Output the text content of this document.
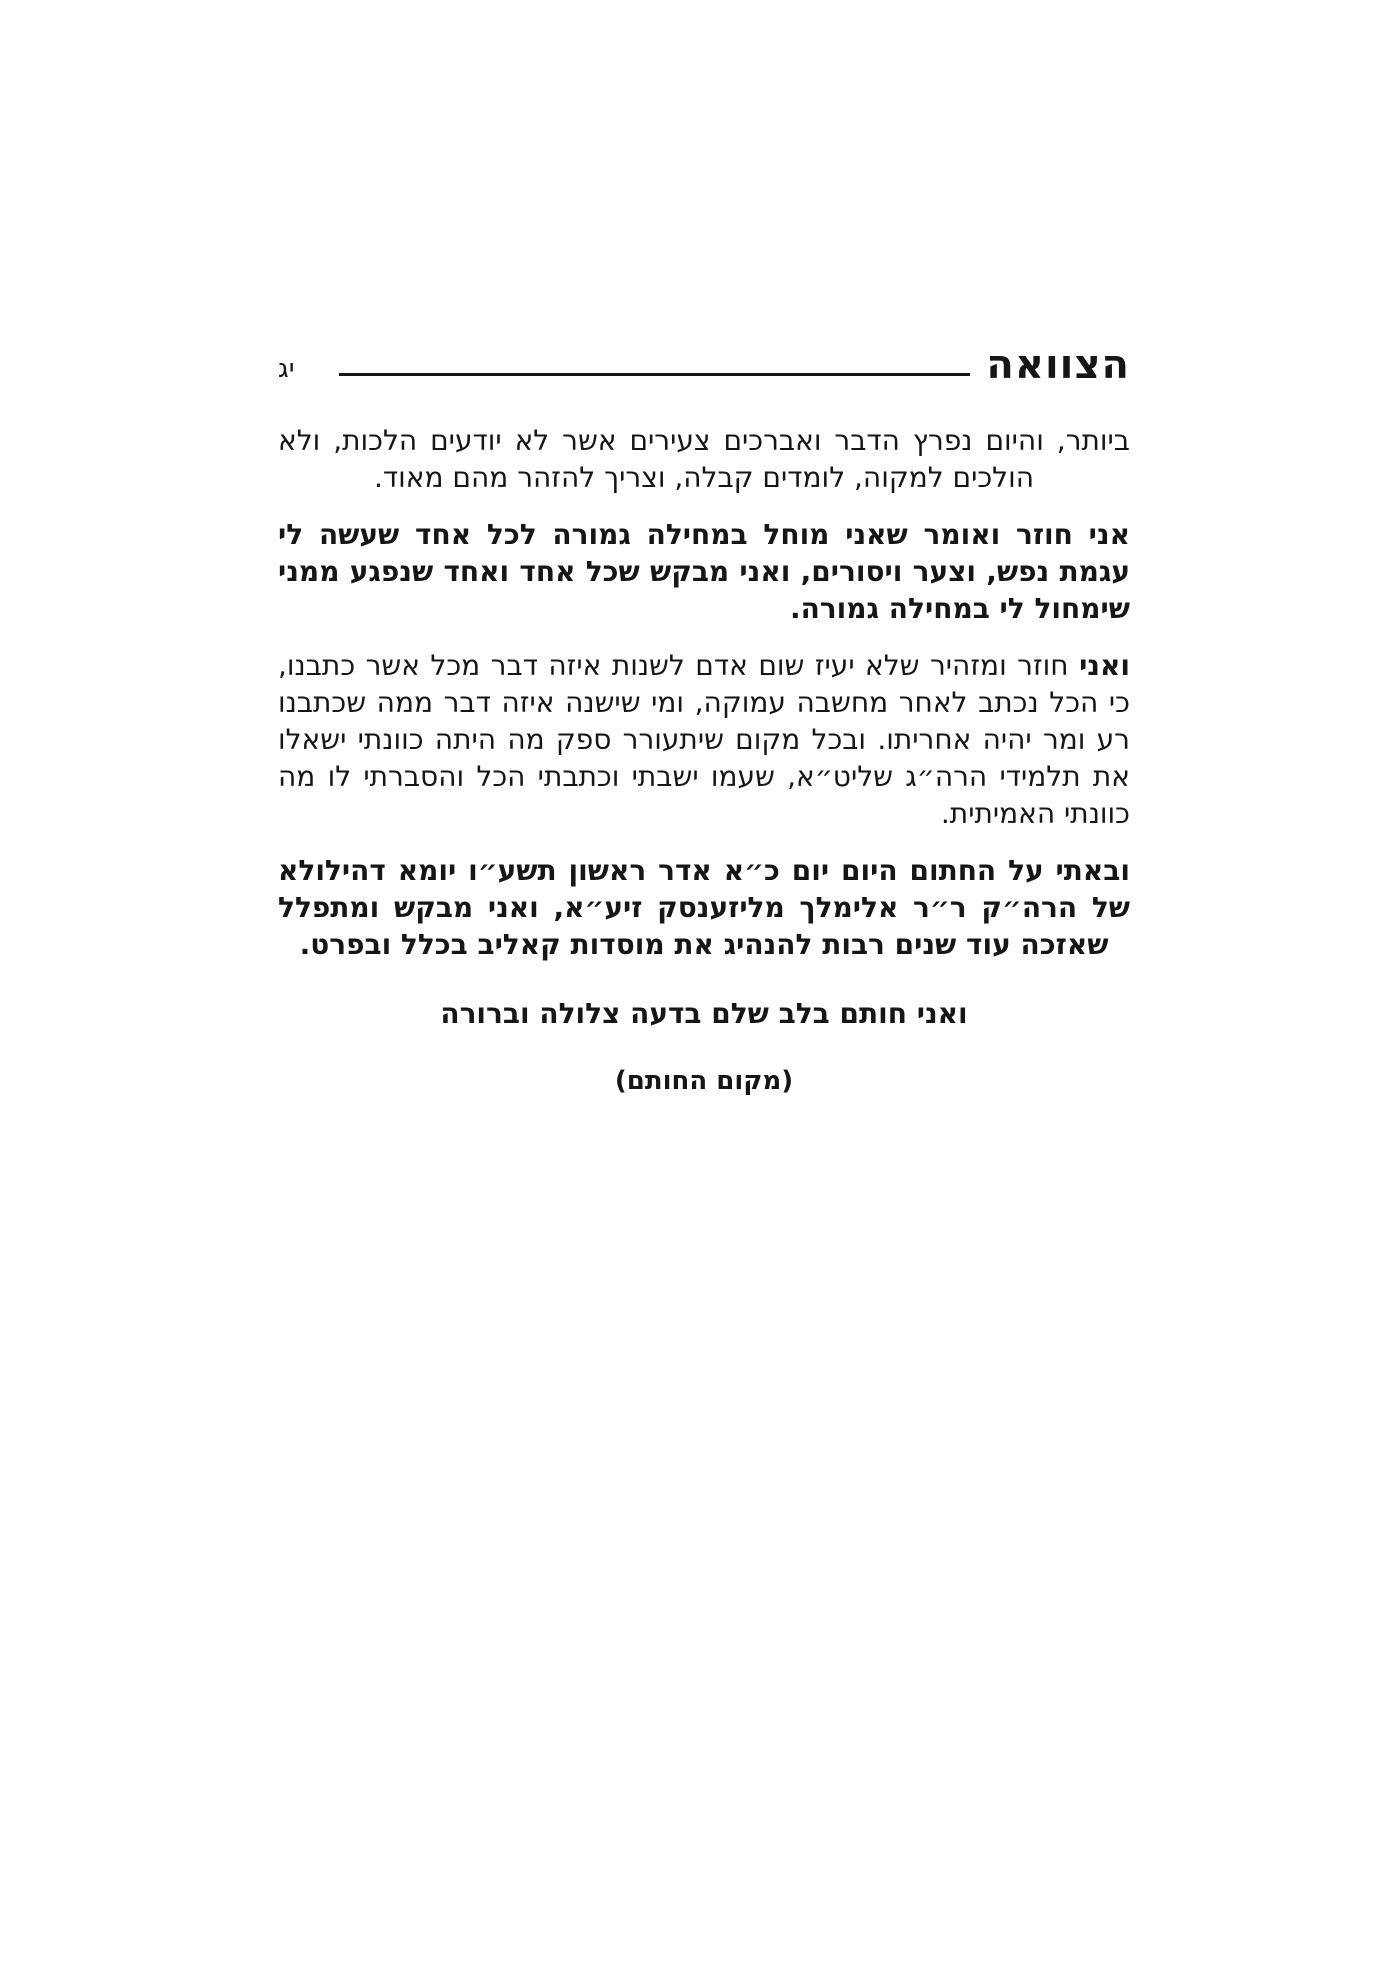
הצוואה
יג

ביותר, והיום נפרץ הדבר ואברכים צעירים אשר לא יודעים הלכות, ולא הולכים למקוה, לומדים קבלה, וצריך להזהר מהם מאוד.

אני חוזר ואומר שאני מוחל במחילה גמורה לכל אחד שעשה לי עגמת נפש, וצער ויסורים, ואני מבקש שכל אחד ואחד שנפגע ממני שימחול לי במחילה גמורה.

ואני חוזר ומזהיר שלא יעיז שום אדם לשנות איזה דבר מכל אשר כתבנו, כי הכל נכתב לאחר מחשבה עמוקה, ומי שישנה איזה דבר ממה שכתבנו רע ומר יהיה אחריתו. ובכל מקום שיתעורר ספק מה היתה כוונתי ישאלו את תלמידי הרה״ג שליט״א, שעמו ישבתי וכתבתי הכל והסברתי לו מה כוונתי האמיתית.

ובאתי על החתום היום יום כ״א אדר ראשון תשע״ו יומא דהילולא של הרה״ק ר״ר אלימלך מליזענסק זיע״א, ואני מבקש ומתפלל שאזכה עוד שנים רבות להנהיג את מוסדות קאליב בכלל ובפרט.

ואני חותם בלב שלם בדעה צלולה וברורה
(מקום החותם)
